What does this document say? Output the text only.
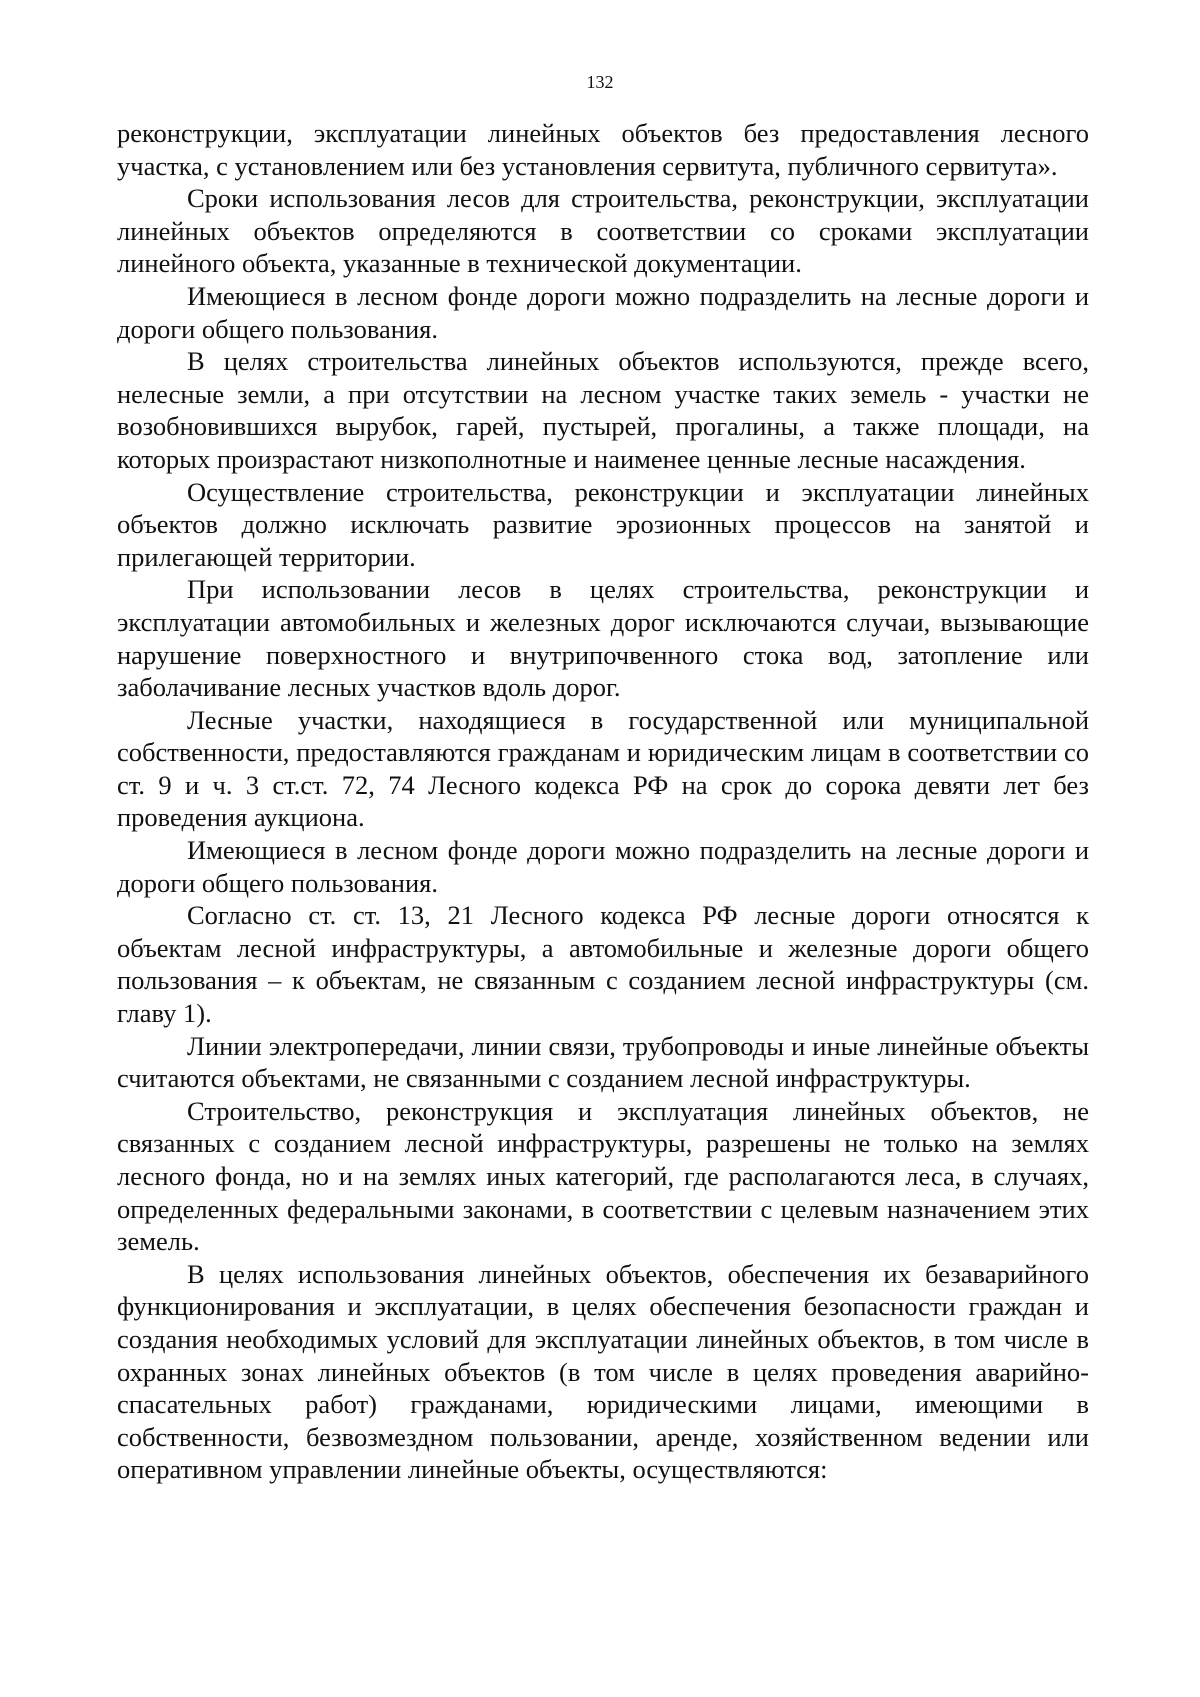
132

реконструкции, эксплуатации линейных объектов без предоставления лесного участка, с установлением или без установления сервитута, публичного сервитута».

Сроки использования лесов для строительства, реконструкции, эксплуатации линейных объектов определяются в соответствии со сроками эксплуатации линейного объекта, указанные в технической документации.

Имеющиеся в лесном фонде дороги можно подразделить на лесные дороги и дороги общего пользования.

В целях строительства линейных объектов используются, прежде всего, нелесные земли, а при отсутствии на лесном участке таких земель - участки не возобновившихся вырубок, гарей, пустырей, прогалины, а также площади, на которых произрастают низкополнотные и наименее ценные лесные насаждения.

Осуществление строительства, реконструкции и эксплуатации линейных объектов должно исключать развитие эрозионных процессов на занятой и прилегающей территории.

При использовании лесов в целях строительства, реконструкции и эксплуатации автомобильных и железных дорог исключаются случаи, вызывающие нарушение поверхностного и внутрипочвенного стока вод, затопление или заболачивание лесных участков вдоль дорог.

Лесные участки, находящиеся в государственной или муниципальной собственности, предоставляются гражданам и юридическим лицам в соответствии со ст. 9 и ч. 3 ст.ст. 72, 74 Лесного кодекса РФ на срок до сорока девяти лет без проведения аукциона.

Имеющиеся в лесном фонде дороги можно подразделить на лесные дороги и дороги общего пользования.

Согласно ст. ст. 13, 21 Лесного кодекса РФ лесные дороги относятся к объектам лесной инфраструктуры, а автомобильные и железные дороги общего пользования – к объектам, не связанным с созданием лесной инфраструктуры (см. главу 1).

Линии электропередачи, линии связи, трубопроводы и иные линейные объекты считаются объектами, не связанными с созданием лесной инфраструктуры.

Строительство, реконструкция и эксплуатация линейных объектов, не связанных с созданием лесной инфраструктуры, разрешены не только на землях лесного фонда, но и на землях иных категорий, где располагаются леса, в случаях, определенных федеральными законами, в соответствии с целевым назначением этих земель.

В целях использования линейных объектов, обеспечения их безаварийного функционирования и эксплуатации, в целях обеспечения безопасности граждан и создания необходимых условий для эксплуатации линейных объектов, в том числе в охранных зонах линейных объектов (в том числе в целях проведения аварийно-спасательных работ) гражданами, юридическими лицами, имеющими в собственности, безвозмездном пользовании, аренде, хозяйственном ведении или оперативном управлении линейные объекты, осуществляются:
